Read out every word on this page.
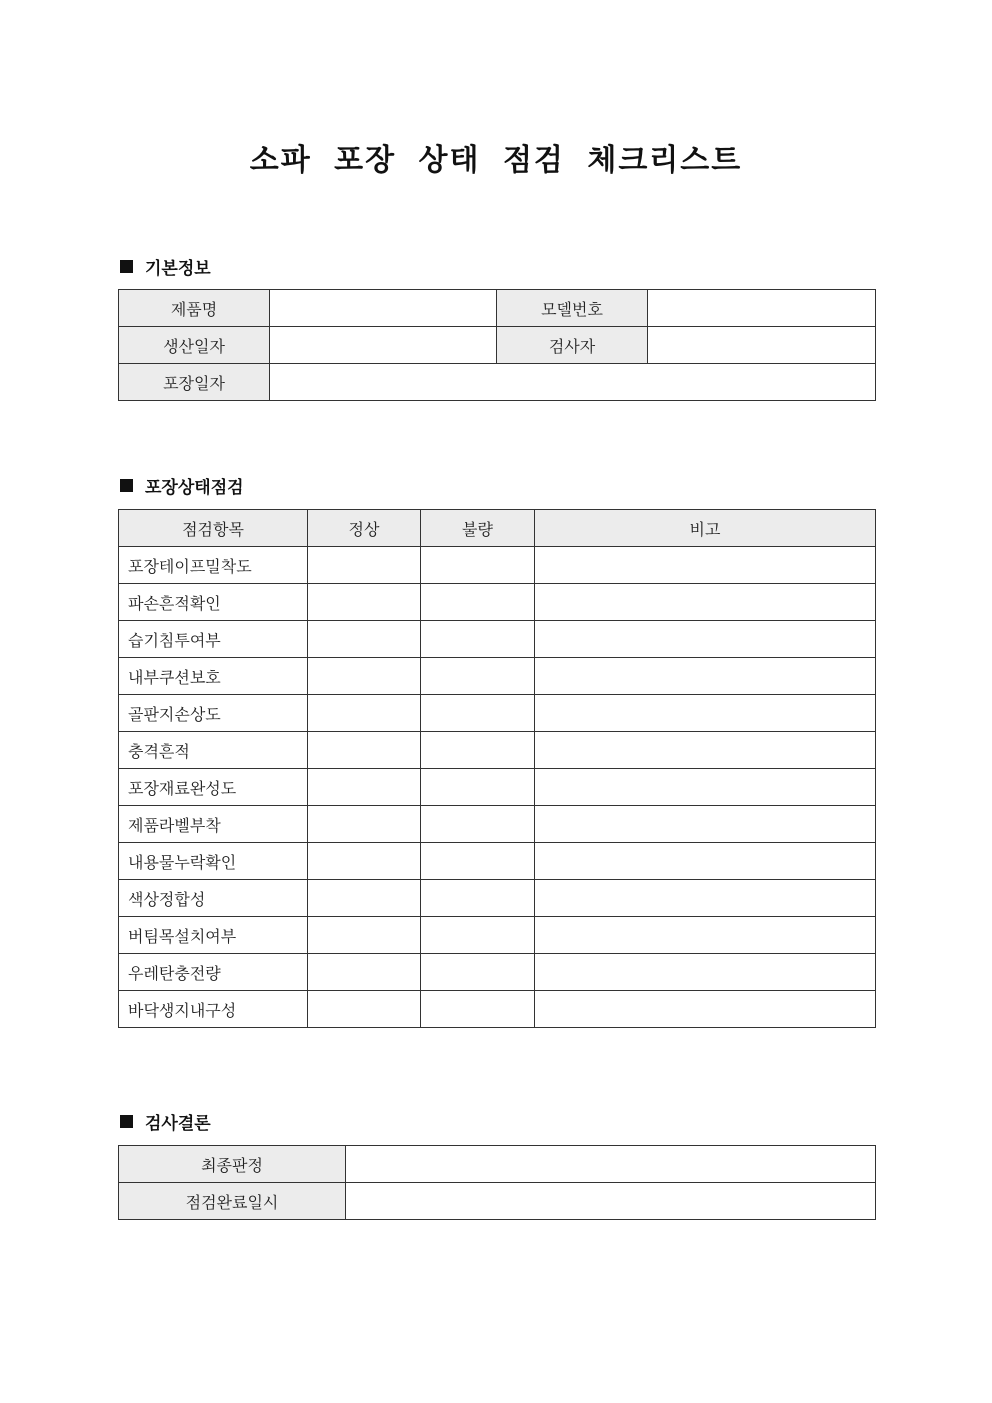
소파 포장 상태 점검 체크리스트
기본정보
제품명		모델번호	
생산일자		검사자	
포장일자			
포장상태점검
점검항목	정상	불량	비고
포장테이프밀착도			
파손흔적확인			
습기침투여부			
내부쿠션보호			
골판지손상도			
충격흔적			
포장재료완성도			
제품라벨부착			
내용물누락확인			
색상정합성			
버팀목설치여부			
우레탄충전량			
바닥생지내구성			
검사결론
최종판정	
점검완료일시	
